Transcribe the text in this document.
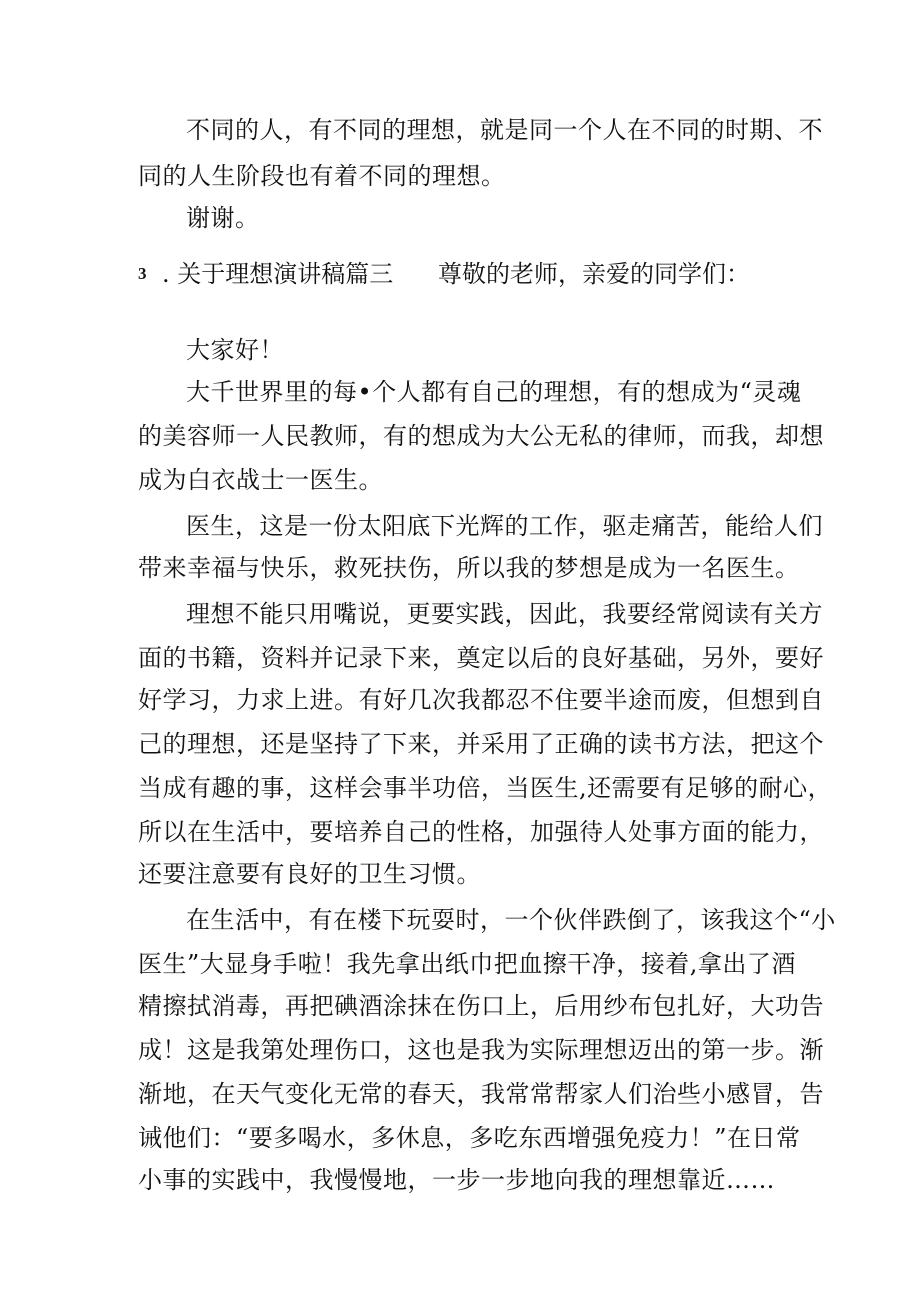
不同的人，有不同的理想，就是同一个人在不同的时期、不
同的人生阶段也有着不同的理想。
谢谢。
3 . 关于理想演讲稿篇三 尊敬的老师，亲爱的同学们：
大家好！
大千世界里的每•个人都有自己的理想，有的想成为“灵魂
的美容师一人民教师，有的想成为大公无私的律师，而我，却想
成为白衣战士一医生。
医生，这是一份太阳底下光辉的工作，驱走痛苦，能给人们
带来幸福与快乐，救死扶伤，所以我的梦想是成为一名医生。
理想不能只用嘴说，更要实践，因此，我要经常阅读有关方
面的书籍，资料并记录下来，奠定以后的良好基础，另外，要好
好学习，力求上进。有好几次我都忍不住要半途而废，但想到自
己的理想，还是坚持了下来，并采用了正确的读书方法，把这个
当成有趣的事，这样会事半功倍，当医生,还需要有足够的耐心，
所以在生活中，要培养自己的性格，加强待人处事方面的能力，
还要注意要有良好的卫生习惯。
在生活中，有在楼下玩耍时，一个伙伴跌倒了，该我这个“小
医生”大显身手啦！我先拿出纸巾把血擦干净，接着,拿出了酒
精擦拭消毒，再把碘酒涂抹在伤口上，后用纱布包扎好，大功告
成！这是我第处理伤口，这也是我为实际理想迈出的第一步。渐
渐地，在天气变化无常的春天，我常常帮家人们治些小感冒，告
诫他们：“要多喝水，多休息，多吃东西增强免疫力！”在日常
小事的实践中，我慢慢地，一步一步地向我的理想靠近……
